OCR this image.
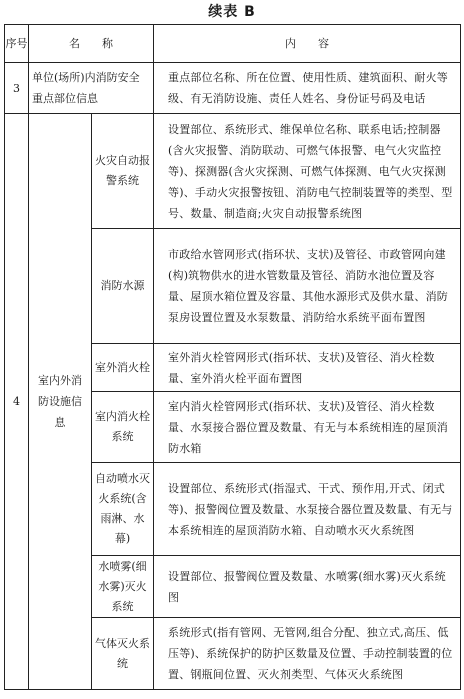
续表 B
序号	名　　称		内　　容
3	单位(场所)内消防安全重点部位信息		重点部位名称、所在位置、使用性质、建筑面积、耐火等级、有无消防设施、责任人姓名、身份证号码及电话
4	室内外消防设施信息	火灾自动报警系统	设置部位、系统形式、维保单位名称、联系电话;控制器(含火灾报警、消防联动、可燃气体报警、电气火灾监控等)、探测器(含火灾探测、可燃气体探测、电气火灾探测等)、手动火灾报警按钮、消防电气控制装置等的类型、型号、数量、制造商;火灾自动报警系统图
		消防水源	市政给水管网形式(指环状、支状)及管径、市政管网向建(构)筑物供水的进水管数量及管径、消防水池位置及容量、屋顶水箱位置及容量、其他水源形式及供水量、消防泵房设置位置及水泵数量、消防给水系统平面布置图
		室外消火栓	室外消火栓管网形式(指环状、支状)及管径、消火栓数量、室外消火栓平面布置图
		室内消火栓系统	室内消火栓管网形式(指环状、支状)及管径、消火栓数量、水泵接合器位置及数量、有无与本系统相连的屋顶消防水箱
		自动喷水灭火系统(含雨淋、水幕)	设置部位、系统形式(指湿式、干式、预作用,开式、闭式等)、报警阀位置及数量、水泵接合器位置及数量、有无与本系统相连的屋顶消防水箱、自动喷水灭火系统图
		水喷雾(细水雾)灭火系统	设置部位、报警阀位置及数量、水喷雾(细水雾)灭火系统图
		气体灭火系统	系统形式(指有管网、无管网,组合分配、独立式,高压、低压等)、系统保护的防护区数量及位置、手动控制装置的位置、钢瓶间位置、灭火剂类型、气体灭火系统图
